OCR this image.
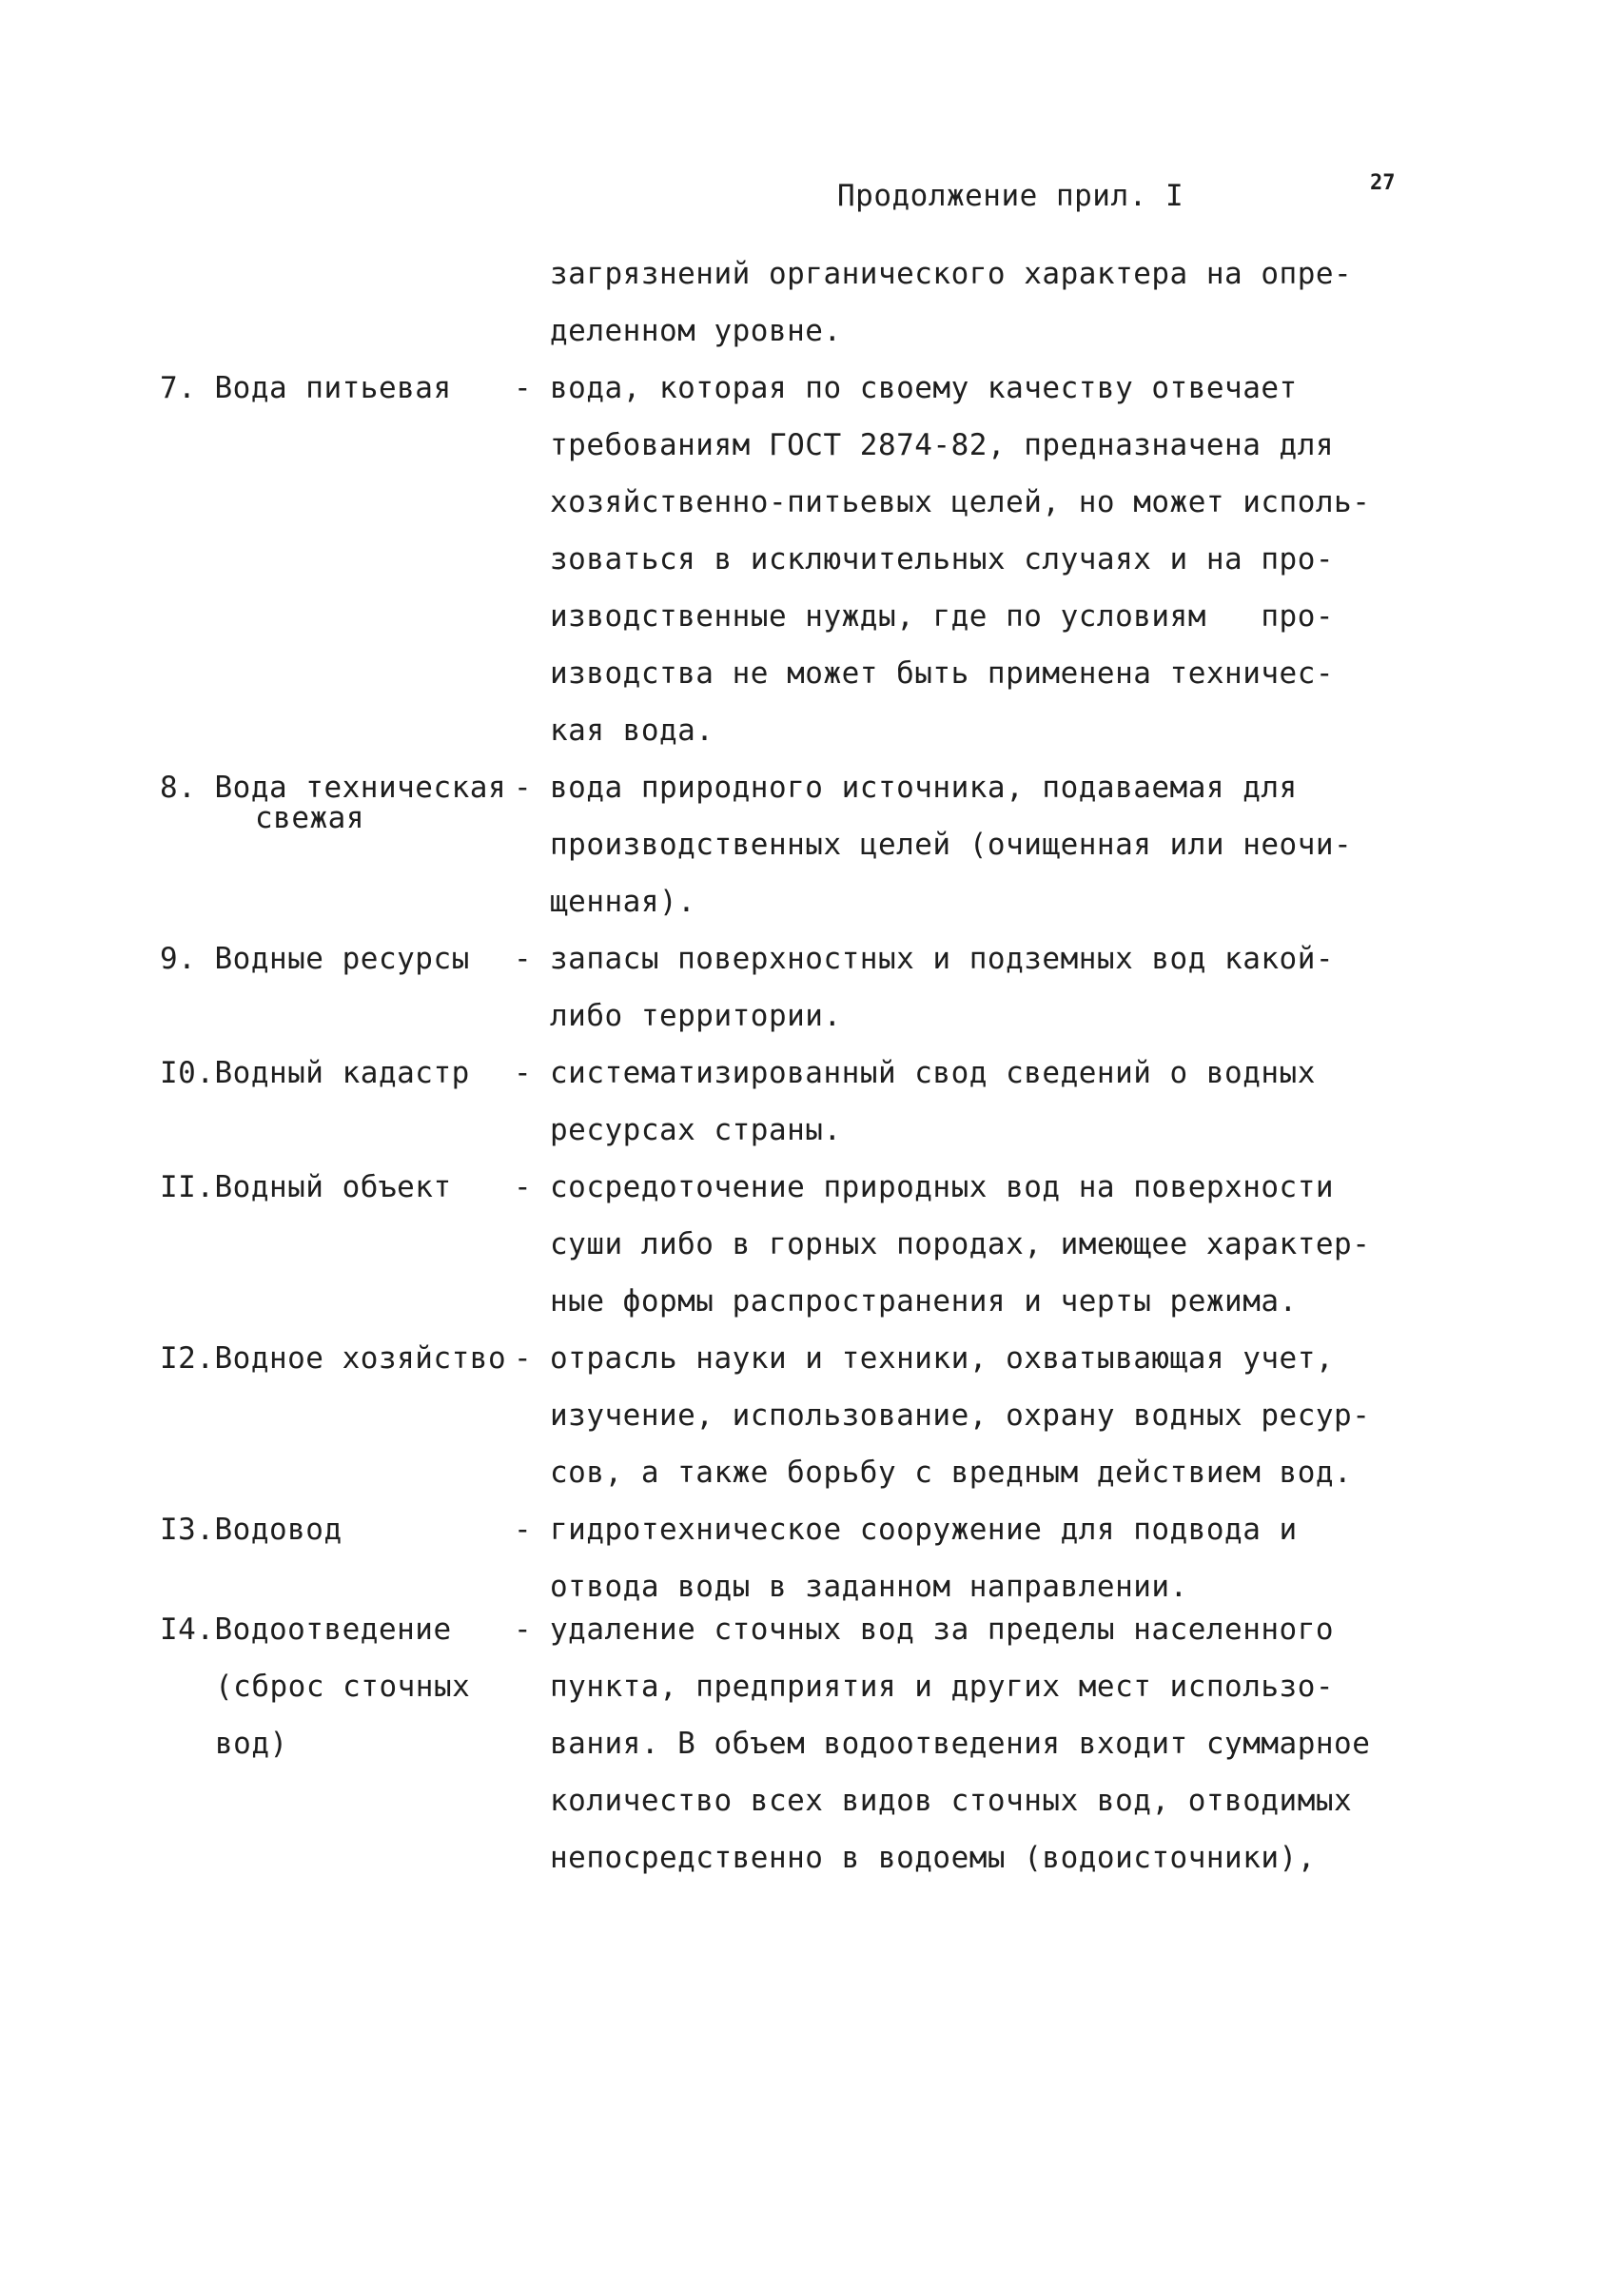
27
Продолжение прил. I
загрязнений органического характера на опре-
деленном уровне.
7. Вода питьевая - вода, которая по своему качеству отвечает
требованиям ГОСТ 2874-82, предназначена для
хозяйственно-питьевых целей, но может исполь-
зоваться в исключительных случаях и на про-
изводственные нужды, где по условиям   про-
изводства не может быть применена техничес-
кая вода.
8. Вода техническая
свежая
- вода природного источника, подаваемая для
производственных целей (очищенная или неочи-
щенная).
9. Водные ресурсы - запасы поверхностных и подземных вод какой-
либо территории.
I0.Водный кадастр - систематизированный свод сведений о водных
ресурсах страны.
II.Водный объект - сосредоточение природных вод на поверхности
суши либо в горных породах, имеющее характер-
ные формы распространения и черты режима.
I2.Водное хозяйство - отрасль науки и техники, охватывающая учет,
изучение, использование, охрану водных ресур-
сов, а также борьбу с вредным действием вод.
I3.Водовод	- гидротехническое сооружение для подвода и
отвода воды в заданном направлении.
I4.Водоотведение
(сброс сточных
вод)
- удаление сточных вод за пределы населенного
пункта, предприятия и других мест использо-
вания. В объем водоотведения входит суммарное
количество всех видов сточных вод, отводимых
непосредственно в водоемы (водоисточники),
